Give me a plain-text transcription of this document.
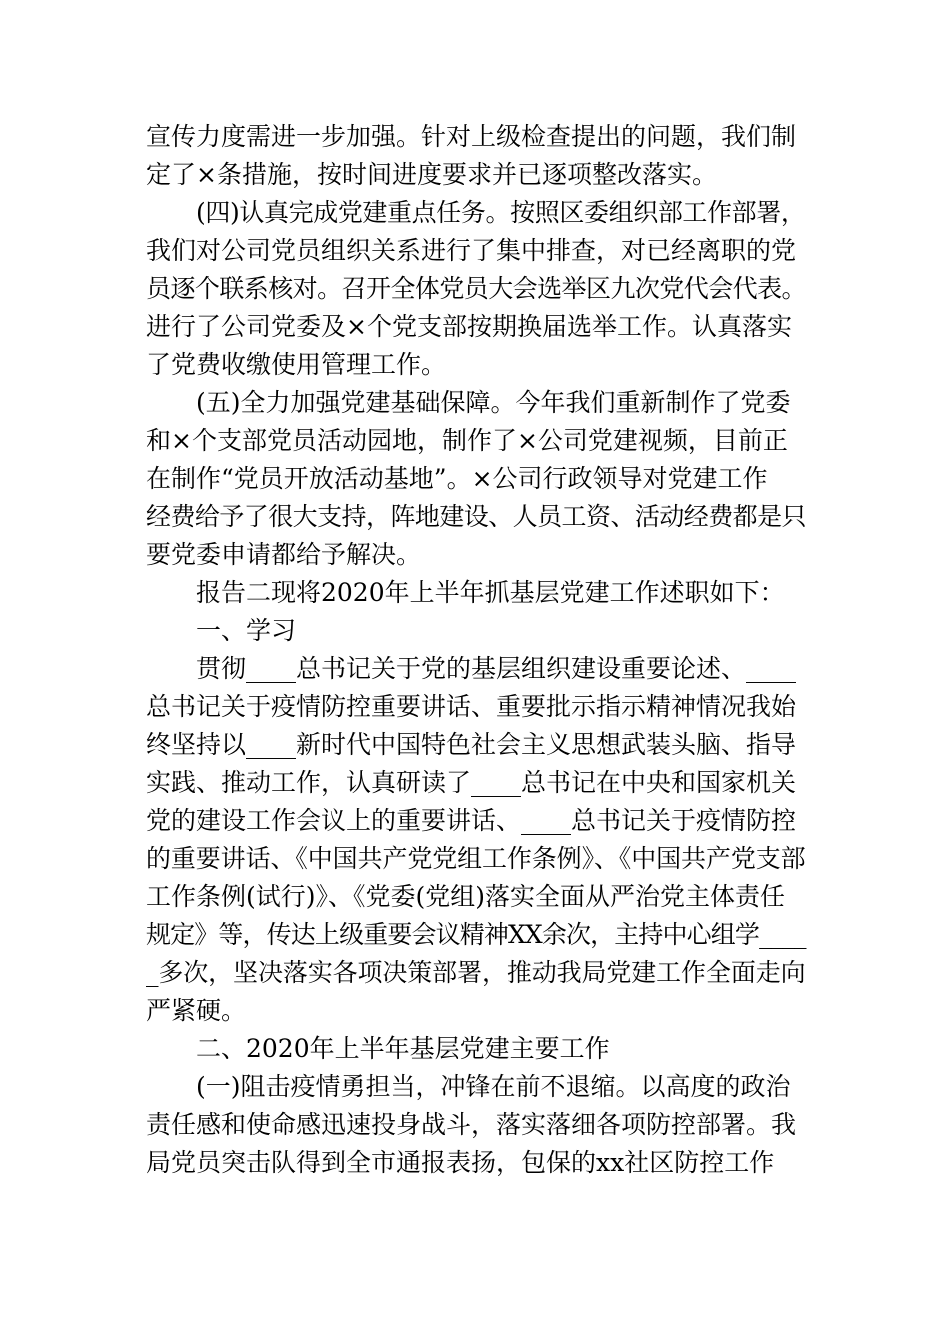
宣传力度需进一步加强。针对上级检查提出的问题，我们制
定了×条措施，按时间进度要求并已逐项整改落实。
(四)认真完成党建重点任务。按照区委组织部工作部署，
我们对公司党员组织关系进行了集中排查，对已经离职的党
员逐个联系核对。召开全体党员大会选举区九次党代会代表。
进行了公司党委及×个党支部按期换届选举工作。认真落实
了党费收缴使用管理工作。
(五)全力加强党建基础保障。今年我们重新制作了党委
和×个支部党员活动园地，制作了×公司党建视频，目前正
在制作“党员开放活动基地”。×公司行政领导对党建工作
经费给予了很大支持，阵地建设、人员工资、活动经费都是只
要党委申请都给予解决。
报告二现将2020年上半年抓基层党建工作述职如下：
一、学习
贯彻____总书记关于党的基层组织建设重要论述、____
总书记关于疫情防控重要讲话、重要批示指示精神情况我始
终坚持以____新时代中国特色社会主义思想武装头脑、指导
实践、推动工作，认真研读了____总书记在中央和国家机关
党的建设工作会议上的重要讲话、____总书记关于疫情防控
的重要讲话、《中国共产党党组工作条例》、《中国共产党支部
工作条例(试行)》、《党委(党组)落实全面从严治党主体责任
规定》等，传达上级重要会议精神XX余次，主持中心组学____
_多次，坚决落实各项决策部署，推动我局党建工作全面走向
严紧硬。
二、2020年上半年基层党建主要工作
(一)阻击疫情勇担当，冲锋在前不退缩。以高度的政治
责任感和使命感迅速投身战斗，落实落细各项防控部署。我
局党员突击队得到全市通报表扬，包保的xx社区防控工作
